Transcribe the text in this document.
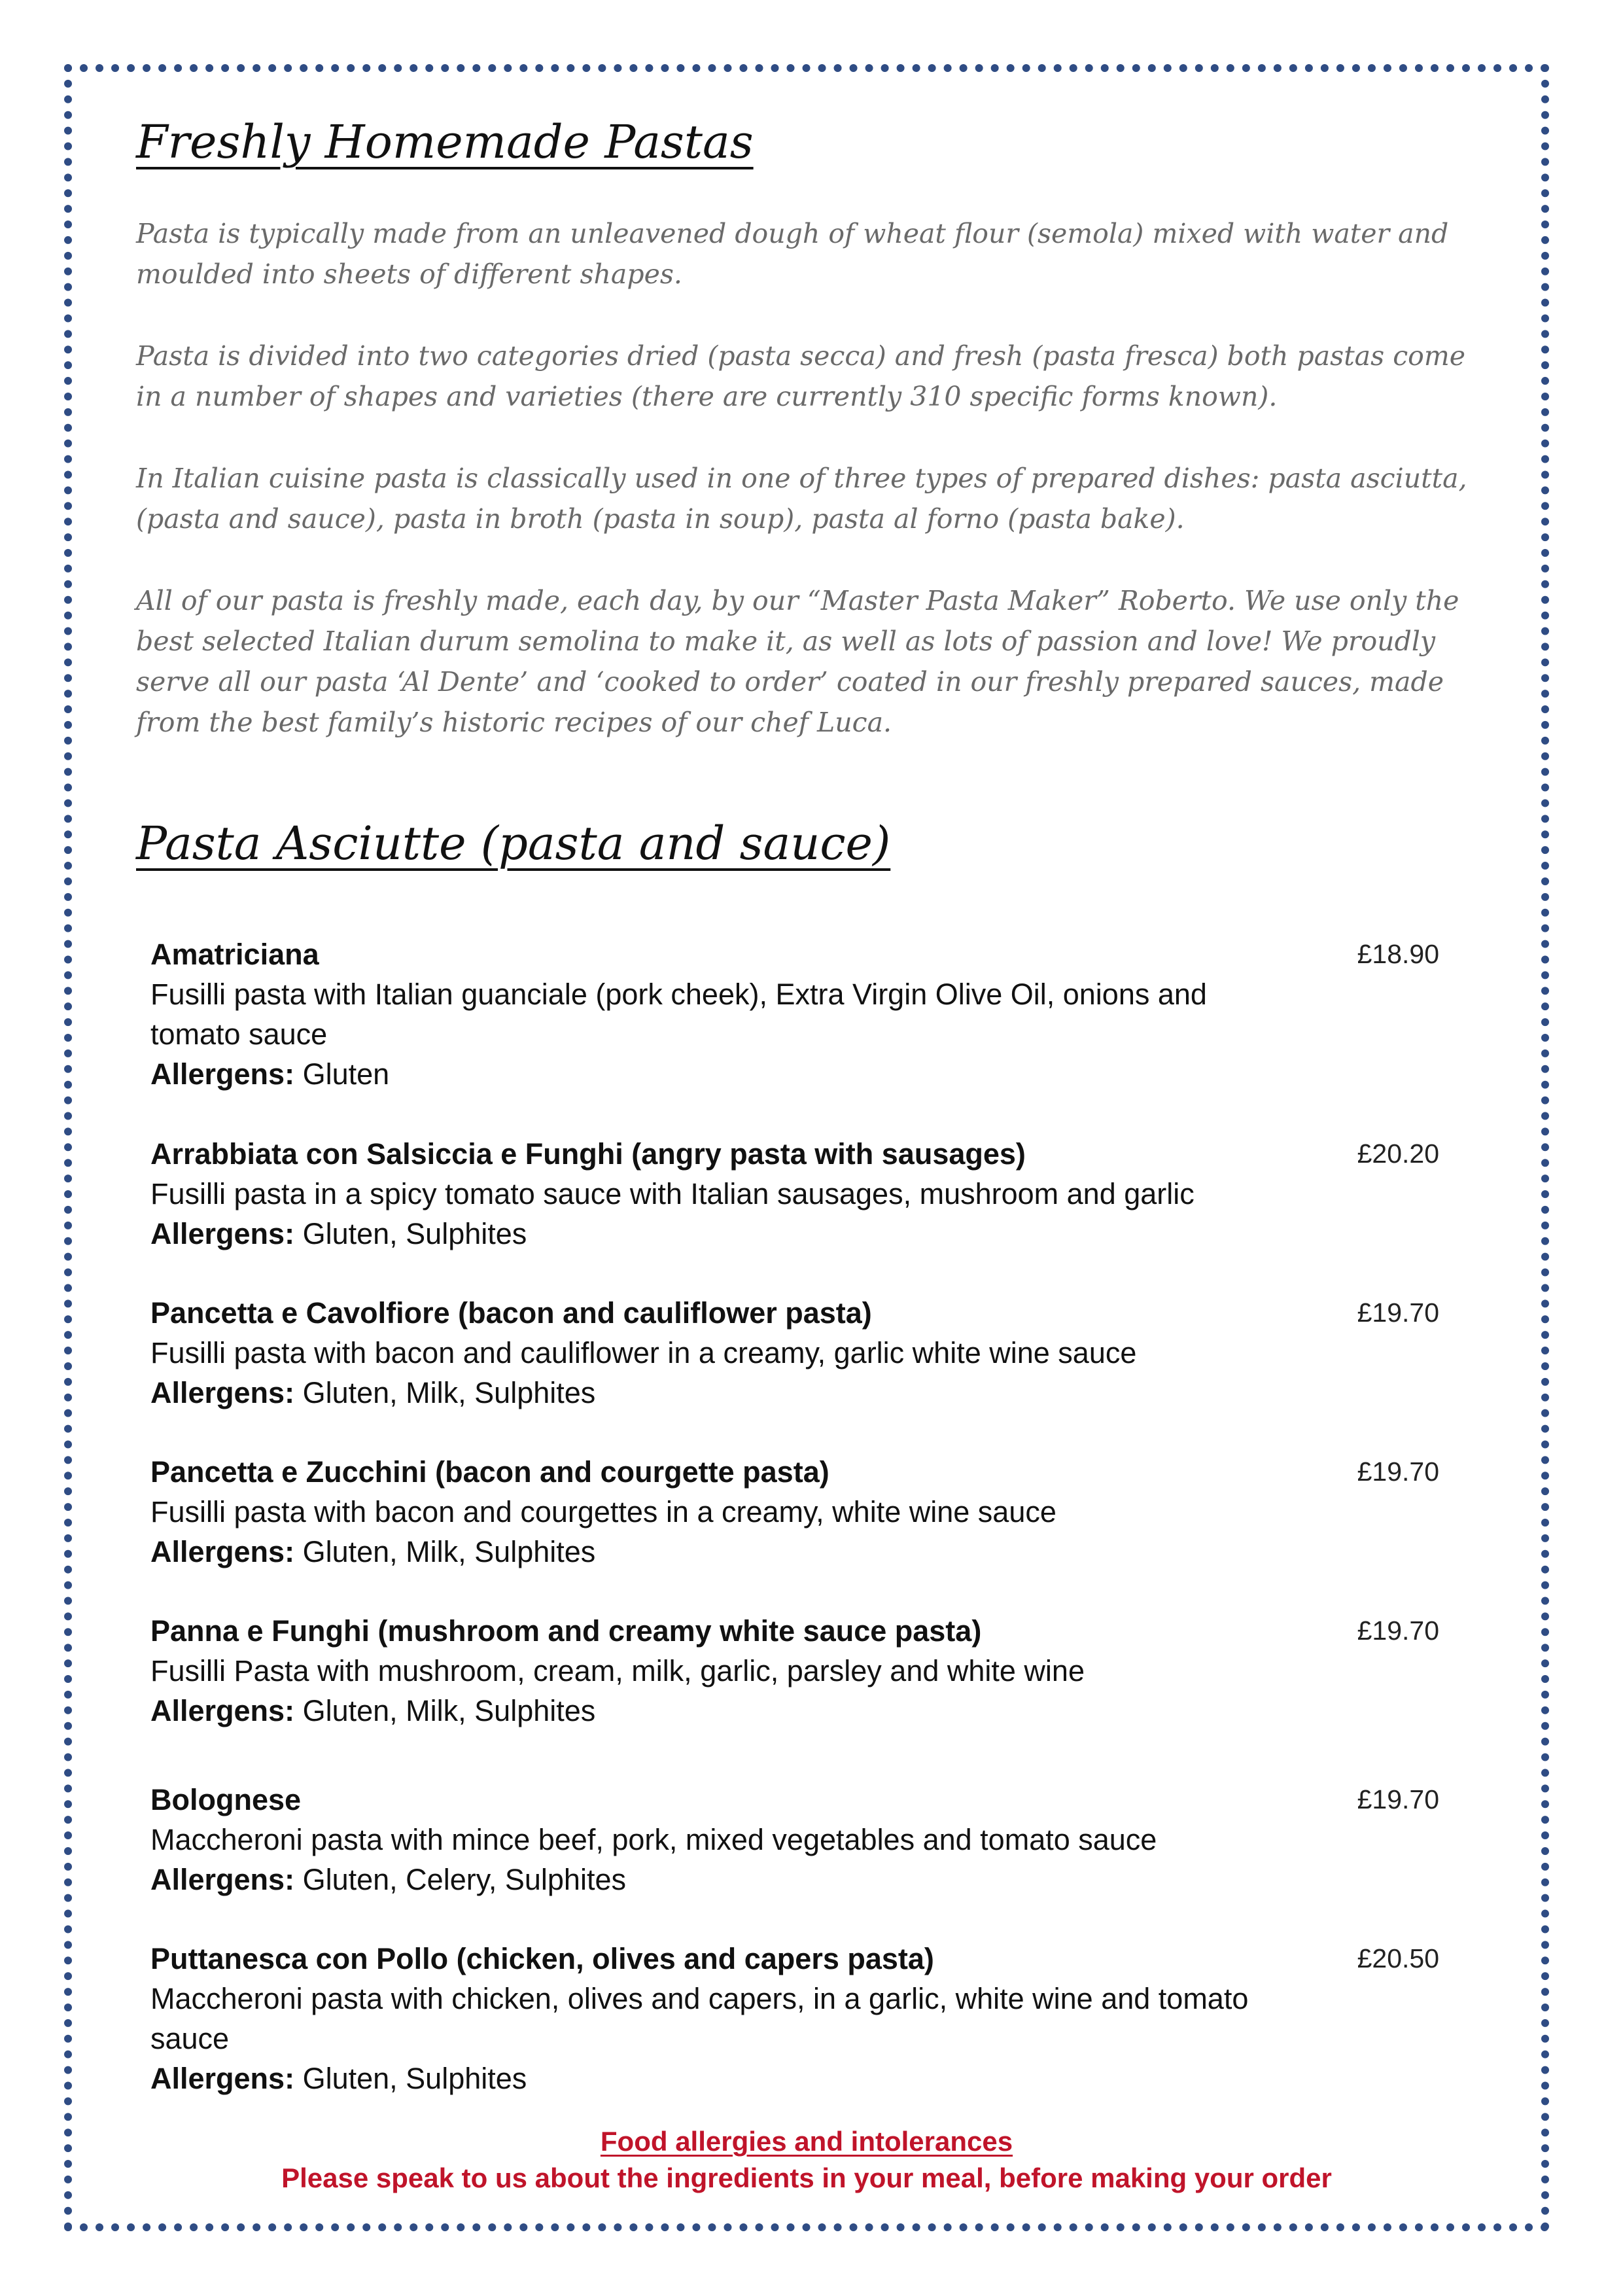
Freshly Homemade Pastas

Pasta is typically made from an unleavened dough of wheat flour (semola) mixed with water and moulded into sheets of different shapes.

Pasta is divided into two categories dried (pasta secca) and fresh (pasta fresca) both pastas come in a number of shapes and varieties (there are currently 310 specific forms known).

In Italian cuisine pasta is classically used in one of three types of prepared dishes: pasta asciutta, (pasta and sauce), pasta in broth (pasta in soup), pasta al forno (pasta bake).

All of our pasta is freshly made, each day, by our “Master Pasta Maker” Roberto. We use only the best selected Italian durum semolina to make it, as well as lots of passion and love! We proudly serve all our pasta ‘Al Dente’ and ‘cooked to order’ coated in our freshly prepared sauces, made from the best family’s historic recipes of our chef Luca.

Pasta Asciutte (pasta and sauce)

Amatriciana

Fusilli pasta with Italian guanciale (pork cheek), Extra Virgin Olive Oil, onions and tomato sauce

Allergens: Gluten

£18.90

Arrabbiata con Salsiccia e Funghi (angry pasta with sausages)

Fusilli pasta in a spicy tomato sauce with Italian sausages, mushroom and garlic

Allergens: Gluten, Sulphites

£20.20

Pancetta e Cavolfiore (bacon and cauliflower pasta)

Fusilli pasta with bacon and cauliflower in a creamy, garlic white wine sauce

Allergens: Gluten, Milk, Sulphites

£19.70

Pancetta e Zucchini (bacon and courgette pasta)

Fusilli pasta with bacon and courgettes in a creamy, white wine sauce

Allergens: Gluten, Milk, Sulphites

£19.70

Panna e Funghi (mushroom and creamy white sauce pasta)

Fusilli Pasta with mushroom, cream, milk, garlic, parsley and white wine

Allergens: Gluten, Milk, Sulphites

£19.70

Bolognese

Maccheroni pasta with mince beef, pork, mixed vegetables and tomato sauce

Allergens: Gluten, Celery, Sulphites

£19.70

Puttanesca con Pollo (chicken, olives and capers pasta)

Maccheroni pasta with chicken, olives and capers, in a garlic, white wine and tomato sauce

Allergens: Gluten, Sulphites

£20.50
Food allergies and intolerances
Please speak to us about the ingredients in your meal, before making your order
